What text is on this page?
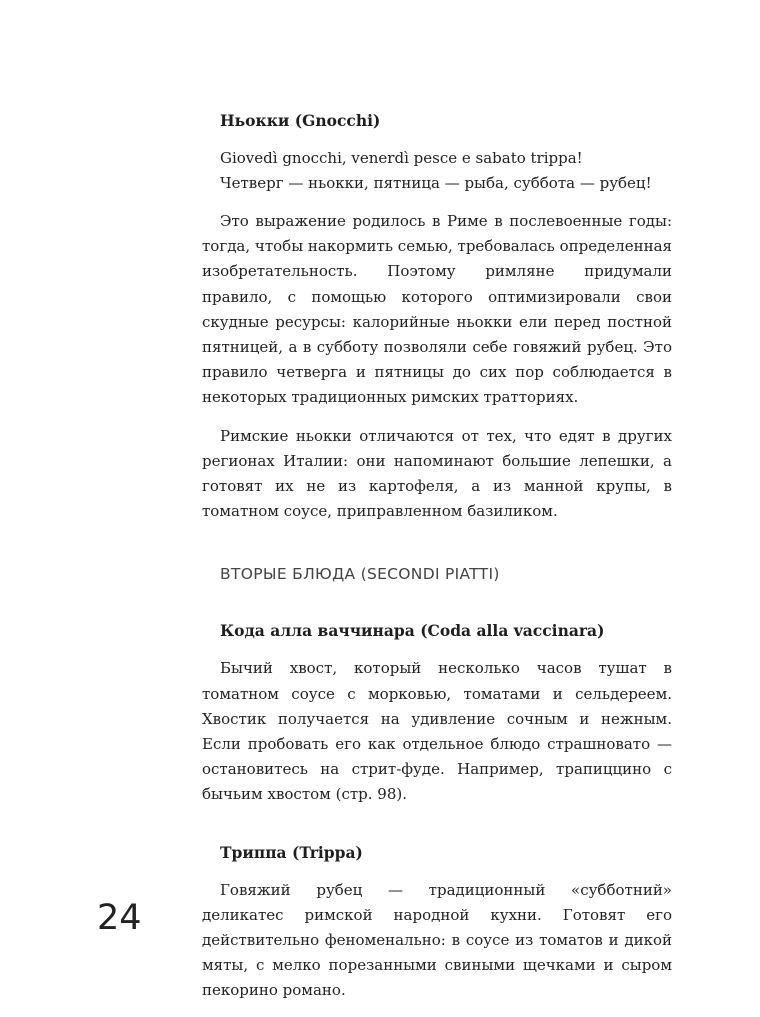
Ньокки (Gnocchi)
Giovedì gnocchi, venerdì pesce e sabato trippa!
Четверг — ньокки, пятница — рыба, суббота — рубец!

Это выражение родилось в Риме в послевоенные годы: тогда, чтобы накормить семью, требовалась определенная изобретательность. Поэтому римляне придумали правило, с помощью которого оптимизировали свои скудные ресурсы: калорийные ньокки ели перед постной пятницей, а в субботу позволяли себе говяжий рубец. Это правило четверга и пятницы до сих пор соблюдается в некоторых традиционных римских тратториях.

Римские ньокки отличаются от тех, что едят в других регионах Италии: они напоминают большие лепешки, а готовят их не из картофеля, а из манной крупы, в томатном соусе, приправленном базиликом.

ВТОРЫЕ БЛЮДА (SECONDI PIATTI)
Кода алла ваччинара (Coda alla vaccinara)

Бычий хвост, который несколько часов тушат в томатном соусе с морковью, томатами и сельдереем. Хвостик получается на удивление сочным и нежным. Если пробовать его как отдельное блюдо страшновато — остановитесь на стрит-фуде. Например, трапиццино с бычьим хвостом (стр. 98).

Триппа (Trippa)

Говяжий рубец — традиционный «субботний» деликатес римской народной кухни. Готовят его действительно феноменально: в соусе из томатов и дикой мяты, с мелко порезанными свиными щечками и сыром пекорино романо.

24
